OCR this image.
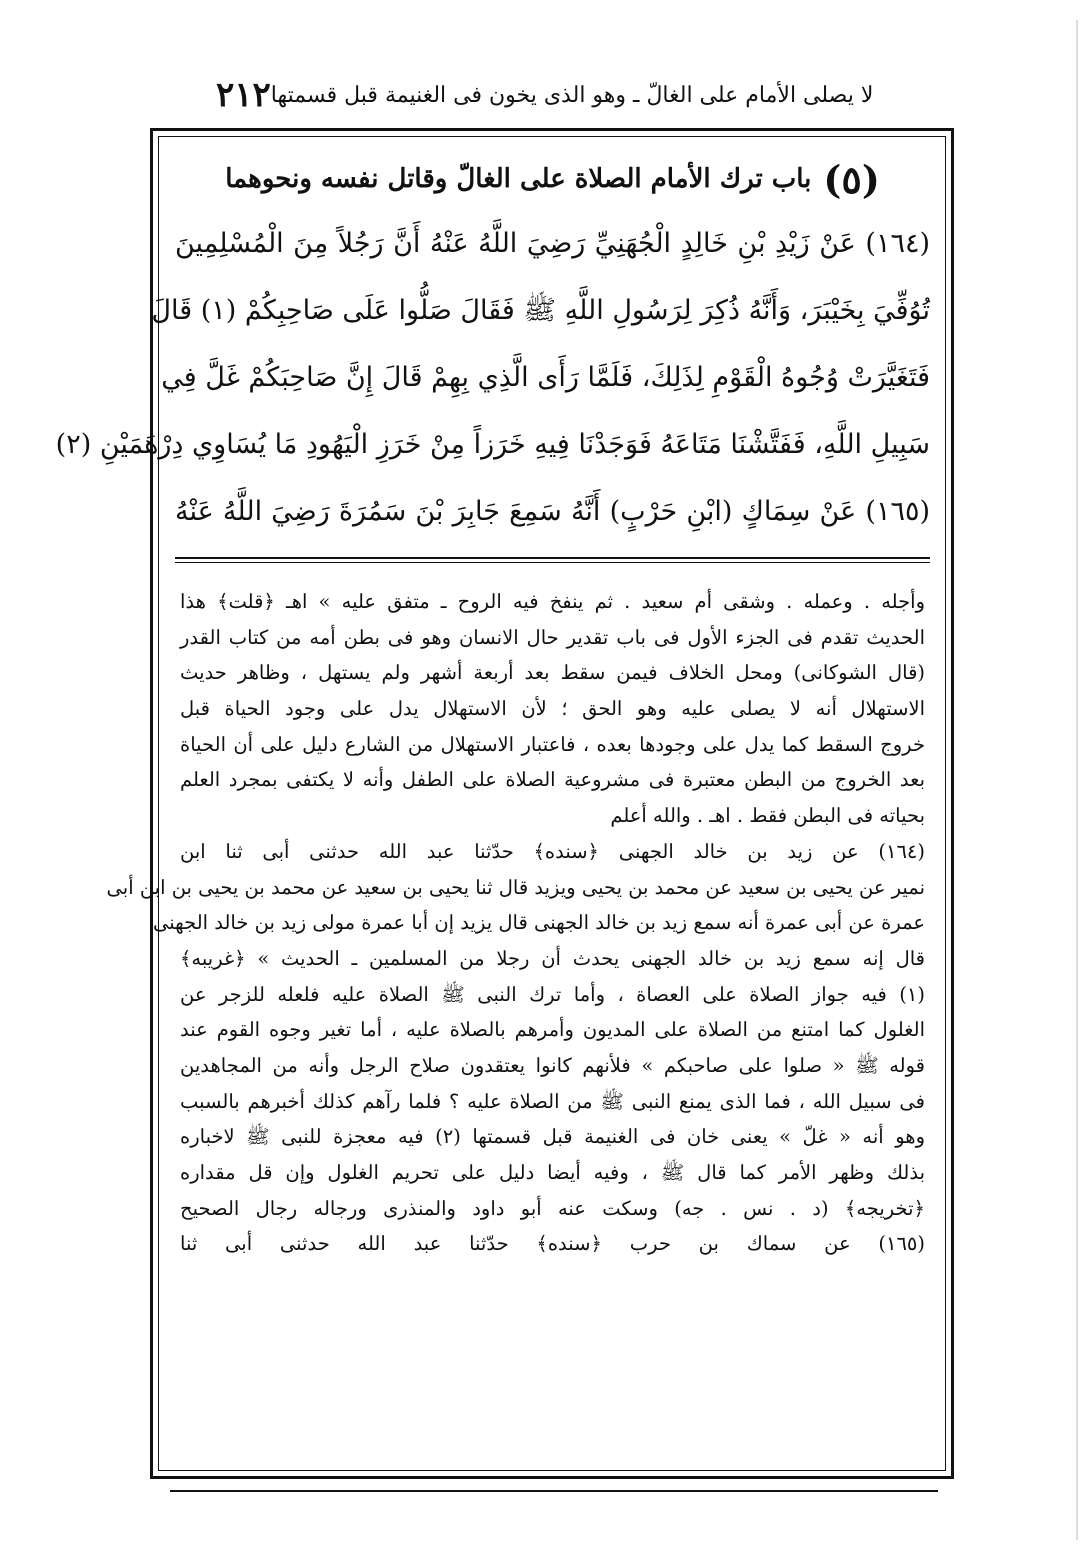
٢١٢ لا يصلى الأمام على الغالّ ـ وهو الذى يخون فى الغنيمة قبل قسمتها
(٥)
باب ترك الأمام الصلاة على الغالّ وقاتل نفسه ونحوهما
(١٦٤) عَنْ زَيْدِ بْنِ خَالِدٍ الْجُهَنِيِّ رَضِيَ اللَّهُ عَنْهُ أَنَّ رَجُلاً مِنَ الْمُسْلِمِينَ
تُوُفِّيَ بِخَيْبَرَ، وَأَنَّهُ ذُكِرَ لِرَسُولِ اللَّهِ ﷺ فَقَالَ صَلُّوا عَلَى صَاحِبِكُمْ (١) قَالَ
فَتَغَيَّرَتْ وُجُوهُ الْقَوْمِ لِذَلِكَ، فَلَمَّا رَأَى الَّذِي بِهِمْ قَالَ إِنَّ صَاحِبَكُمْ غَلَّ فِي
سَبِيلِ اللَّهِ، فَفَتَّشْنَا مَتَاعَهُ فَوَجَدْنَا فِيهِ خَرَزاً مِنْ خَرَزِ الْيَهُودِ مَا يُسَاوِي دِرْهَمَيْنِ (٢)
(١٦٥) عَنْ سِمَاكٍ (ابْنِ حَرْبٍ) أَنَّهُ سَمِعَ جَابِرَ بْنَ سَمُرَةَ رَضِيَ اللَّهُ عَنْهُ
وأجله . وعمله . وشقى أم سعيد . ثم ينفخ فيه الروح ـ متفق عليه » اهـ ﴿قلت﴾ هذا
الحديث تقدم فى الجزء الأول فى باب تقدير حال الانسان وهو فى بطن أمه من كتاب القدر
(قال الشوكانى) ومحل الخلاف فيمن سقط بعد أربعة أشهر ولم يستهل ، وظاهر حديث
الاستهلال أنه لا يصلى عليه وهو الحق ؛ لأن الاستهلال يدل على وجود الحياة قبل
خروج السقط كما يدل على وجودها بعده ، فاعتبار الاستهلال من الشارع دليل على أن الحياة
بعد الخروج من البطن معتبرة فى مشروعية الصلاة على الطفل وأنه لا يكتفى بمجرد العلم
بحياته فى البطن فقط . اهـ . والله أعلم
(١٦٤) عن زيد بن خالد الجهنى ﴿سنده﴾ حدّثنا عبد الله حدثنى أبى ثنا ابن
نمير عن يحيى بن سعيد عن محمد بن يحيى ويزيد قال ثنا يحيى بن سعيد عن محمد بن يحيى بن ابن أبى
عمرة عن أبى عمرة أنه سمع زيد بن خالد الجهنى قال يزيد إن أبا عمرة مولى زيد بن خالد الجهنى
قال إنه سمع زيد بن خالد الجهنى يحدث أن رجلا من المسلمين ـ الحديث » ﴿غريبه﴾
(١) فيه جواز الصلاة على العصاة ، وأما ترك النبى ﷺ الصلاة عليه فلعله للزجر عن
الغلول كما امتنع من الصلاة على المديون وأمرهم بالصلاة عليه ، أما تغير وجوه القوم عند
قوله ﷺ « صلوا على صاحبكم » فلأنهم كانوا يعتقدون صلاح الرجل وأنه من المجاهدين
فى سبيل الله ، فما الذى يمنع النبى ﷺ من الصلاة عليه ؟ فلما رآهم كذلك أخبرهم بالسبب
وهو أنه « غلّ » يعنى خان فى الغنيمة قبل قسمتها (٢) فيه معجزة للنبى ﷺ لاخباره
بذلك وظهر الأمر كما قال ﷺ ، وفيه أيضا دليل على تحريم الغلول وإن قل مقداره
﴿تخريجه﴾ (د . نس . جه) وسكت عنه أبو داود والمنذرى ورجاله رجال الصحيح
(١٦٥) عن سماك بن حرب ﴿سنده﴾ حدّثنا عبد الله حدثنى أبى ثنا
